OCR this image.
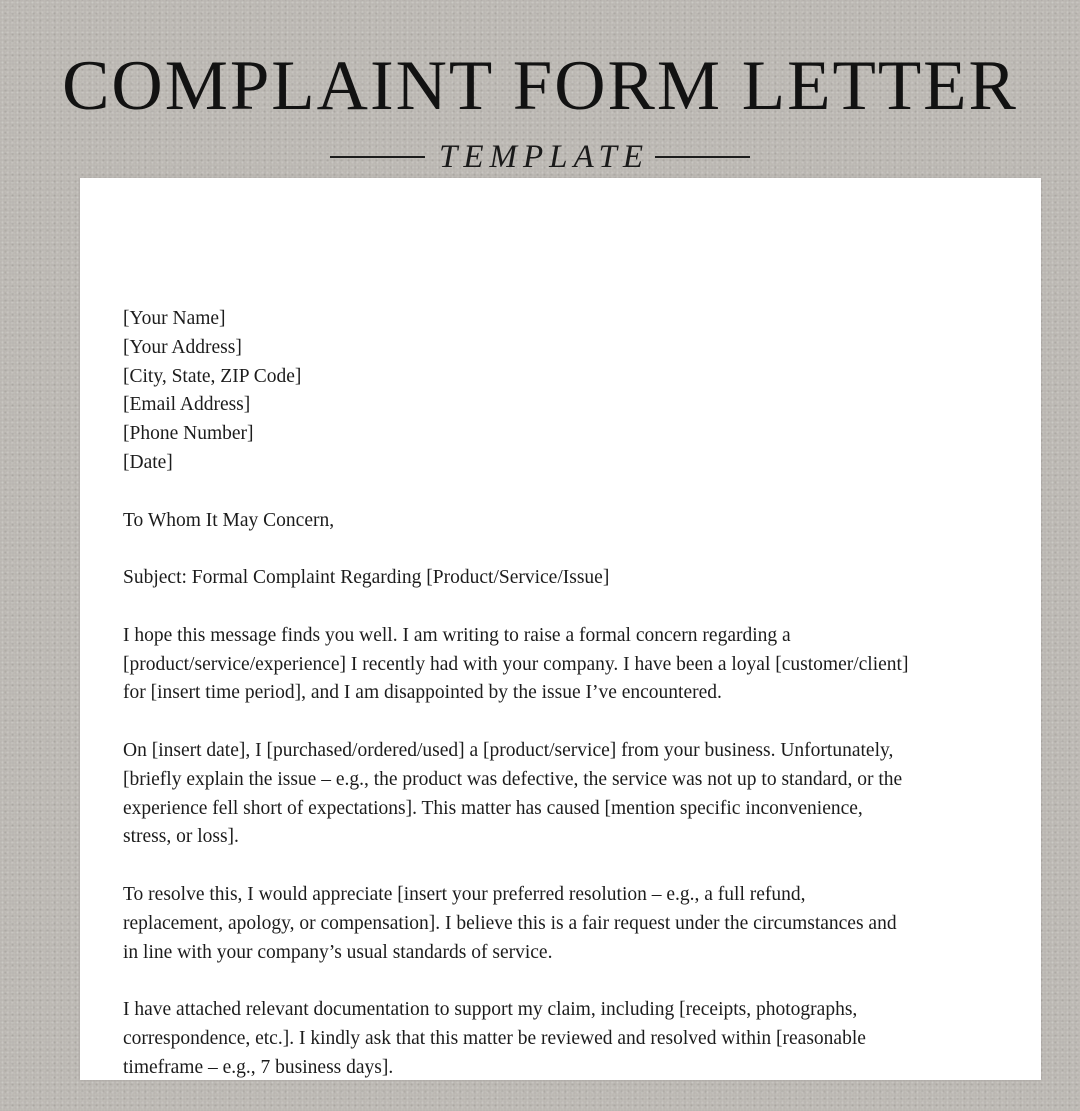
COMPLAINT FORM LETTER
TEMPLATE

[Your Name]
[Your Address]
[City, State, ZIP Code]
[Email Address]
[Phone Number]
[Date]

To Whom It May Concern,

Subject: Formal Complaint Regarding [Product/Service/Issue]

I hope this message finds you well. I am writing to raise a formal concern regarding a
[product/service/experience] I recently had with your company. I have been a loyal [customer/client]
for [insert time period], and I am disappointed by the issue I’ve encountered.

On [insert date], I [purchased/ordered/used] a [product/service] from your business. Unfortunately,
[briefly explain the issue – e.g., the product was defective, the service was not up to standard, or the
experience fell short of expectations]. This matter has caused [mention specific inconvenience,
stress, or loss].

To resolve this, I would appreciate [insert your preferred resolution – e.g., a full refund,
replacement, apology, or compensation]. I believe this is a fair request under the circumstances and
in line with your company’s usual standards of service.

I have attached relevant documentation to support my claim, including [receipts, photographs,
correspondence, etc.]. I kindly ask that this matter be reviewed and resolved within [reasonable
timeframe – e.g., 7 business days].
